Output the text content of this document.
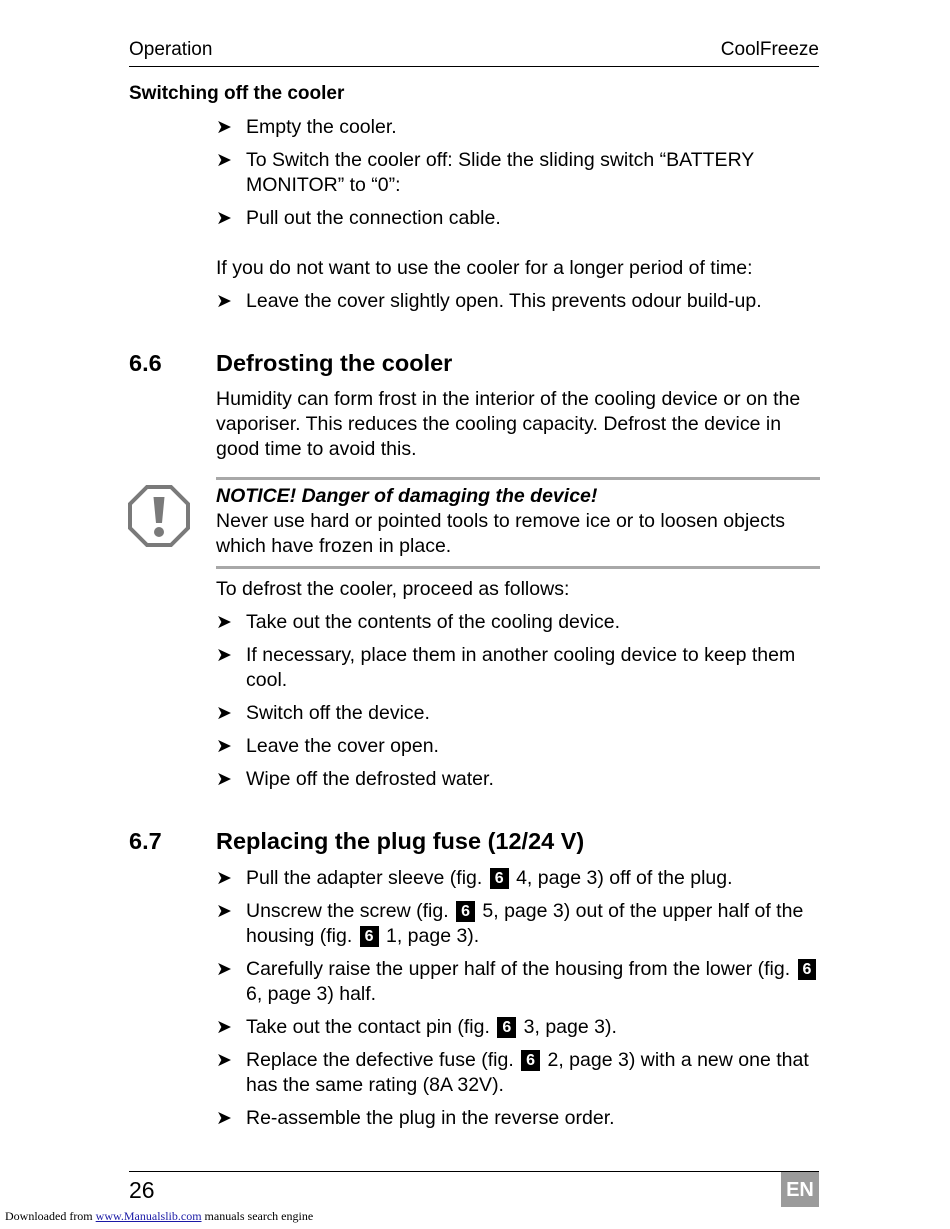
Operation	CoolFreeze
Switching off the cooler
➤ Empty the cooler.
➤ To Switch the cooler off: Slide the sliding switch “BATTERY MONITOR” to “0”:
➤ Pull out the connection cable.

If you do not want to use the cooler for a longer period of time:

➤ Leave the cover slightly open. This prevents odour build-up.
6.6 Defrosting the cooler

Humidity can form frost in the interior of the cooling device or on the vaporiser. This reduces the cooling capacity. Defrost the device in good time to avoid this.

NOTICE! Danger of damaging the device!
Never use hard or pointed tools to remove ice or to loosen objects which have frozen in place.

To defrost the cooler, proceed as follows:

➤ Take out the contents of the cooling device.
➤ If necessary, place them in another cooling device to keep them cool.
➤ Switch off the device.
➤ Leave the cover open.
➤ Wipe off the defrosted water.
6.7 Replacing the plug fuse (12/24 V)
➤ Pull the adapter sleeve (fig. 6 4, page 3) off of the plug.
➤ Unscrew the screw (fig. 6 5, page 3) out of the upper half of the housing (fig. 6 1, page 3).
➤ Carefully raise the upper half of the housing from the lower (fig. 6 6, page 3) half.
➤ Take out the contact pin (fig. 6 3, page 3).
➤ Replace the defective fuse (fig. 6 2, page 3) with a new one that has the same rating (8A 32V).
➤ Re-assemble the plug in the reverse order.
26	EN
Downloaded from www.Manualslib.com manuals search engine
